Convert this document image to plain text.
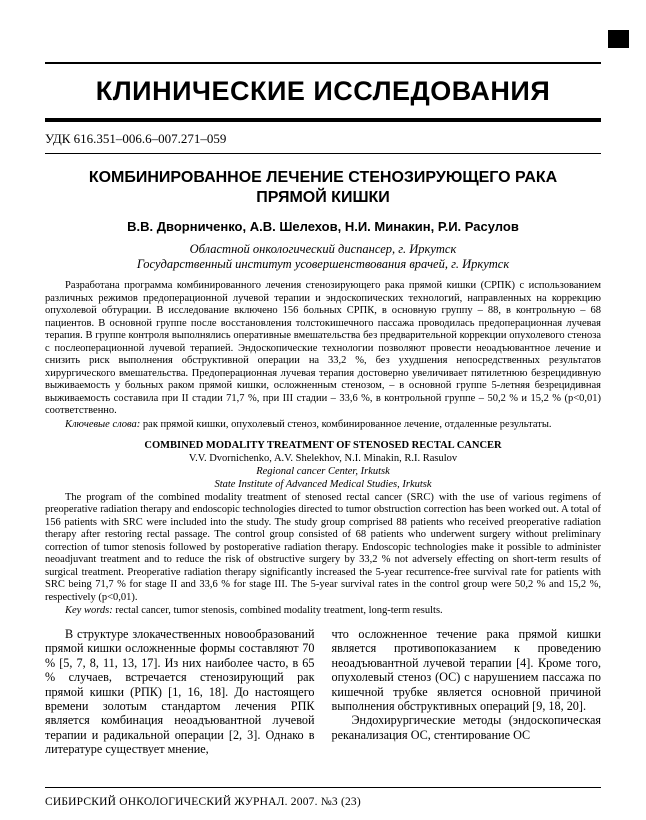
КЛИНИЧЕСКИЕ ИССЛЕДОВАНИЯ
УДК 616.351–006.6–007.271–059
КОМБИНИРОВАННОЕ ЛЕЧЕНИЕ СТЕНОЗИРУЮЩЕГО РАКА
ПРЯМОЙ КИШКИ
В.В. Дворниченко, А.В. Шелехов, Н.И. Минакин, Р.И. Расулов
Областной онкологический диспансер, г. Иркутск
Государственный институт усовершенствования врачей, г. Иркутск

Разработана программа комбинированного лечения стенозирующего рака прямой кишки (СРПК) с использованием различных режимов предоперационной лучевой терапии и эндоскопических технологий, направленных на коррекцию опухолевой обтурации. В исследование включено 156 больных СРПК, в основную группу – 88, в контрольную – 68 пациентов. В основной группе после восстановления толстокишечного пассажа проводилась предоперационная лучевая терапия. В группе контроля выполнялись оперативные вмешательства без предварительной коррекции опухолевого стеноза с послеоперационной лучевой терапией. Эндоскопические технологии позволяют провести неоадъювантное лечение и снизить риск выполнения обструктивной операции на 33,2 %, без ухудшения непосредственных результатов хирургического вмешательства. Предоперационная лучевая терапия достоверно увеличивает пятилетнюю безрецидивную выживаемость у больных раком прямой кишки, осложненным стенозом, – в основной группе 5-летняя безрецидивная выживаемость составила при II стадии 71,7 %, при III стадии – 33,6 %, в контрольной группе – 50,2 % и 15,2 % (p<0,01) соответственно.

Ключевые слова: рак прямой кишки, опухолевый стеноз, комбинированное лечение, отдаленные результаты.

COMBINED MODALITY TREATMENT OF STENOSED RECTAL CANCER
V.V. Dvornichenko, A.V. Shelekhov, N.I. Minakin, R.I. Rasulov
Regional cancer Center, Irkutsk
State Institute of Advanced Medical Studies, Irkutsk

The program of the combined modality treatment of stenosed rectal cancer (SRC) with the use of various regimens of preoperative radiation therapy and endoscopic technologies directed to tumor obstruction correction has been worked out. A total of 156 patients with SRC were included into the study. The study group comprised 88 patients who received preoperative radiation therapy after restoring rectal passage. The control group consisted of 68 patients who underwent surgery without preliminary correction of tumor stenosis followed by postoperative radiation therapy. Endoscopic technologies make it possible to administer neoadjuvant treatment and to reduce the risk of obstructive surgery by 33,2 % not adversely effecting on short-term results of surgical treatment. Preoperative radiation therapy significantly increased the 5-year recurrence-free survival rate for patients with SRC being 71,7 % for stage II and 33,6 % for stage III. The 5-year survival rates in the control group were 50,2 % and 15,2 %, respectively (p<0,01).

Key words: rectal cancer, tumor stenosis, combined modality treatment, long-term results.

В структуре злокачественных новообразований прямой кишки осложненные формы составляют 70 % [5, 7, 8, 11, 13, 17]. Из них наиболее часто, в 65 % случаев, встречается стенозирующий рак прямой кишки (РПК) [1, 16, 18]. До настоящего времени золотым стандартом лечения РПК является комбинация неоадъювантной лучевой терапии и радикальной операции [2, 3]. Однако в литературе существует мнение,

что осложненное течение рака прямой кишки является противопоказанием к проведению неоадъювантной лучевой терапии [4]. Кроме того, опухолевый стеноз (ОС) с нарушением пассажа по кишечной трубке является основной причиной выполнения обструктивных операций [9, 18, 20].

Эндохирургические методы (эндоскопическая реканализация ОС, стентирование ОС

СИБИРСКИЙ ОНКОЛОГИЧЕСКИЙ ЖУРНАЛ. 2007. №3 (23)
